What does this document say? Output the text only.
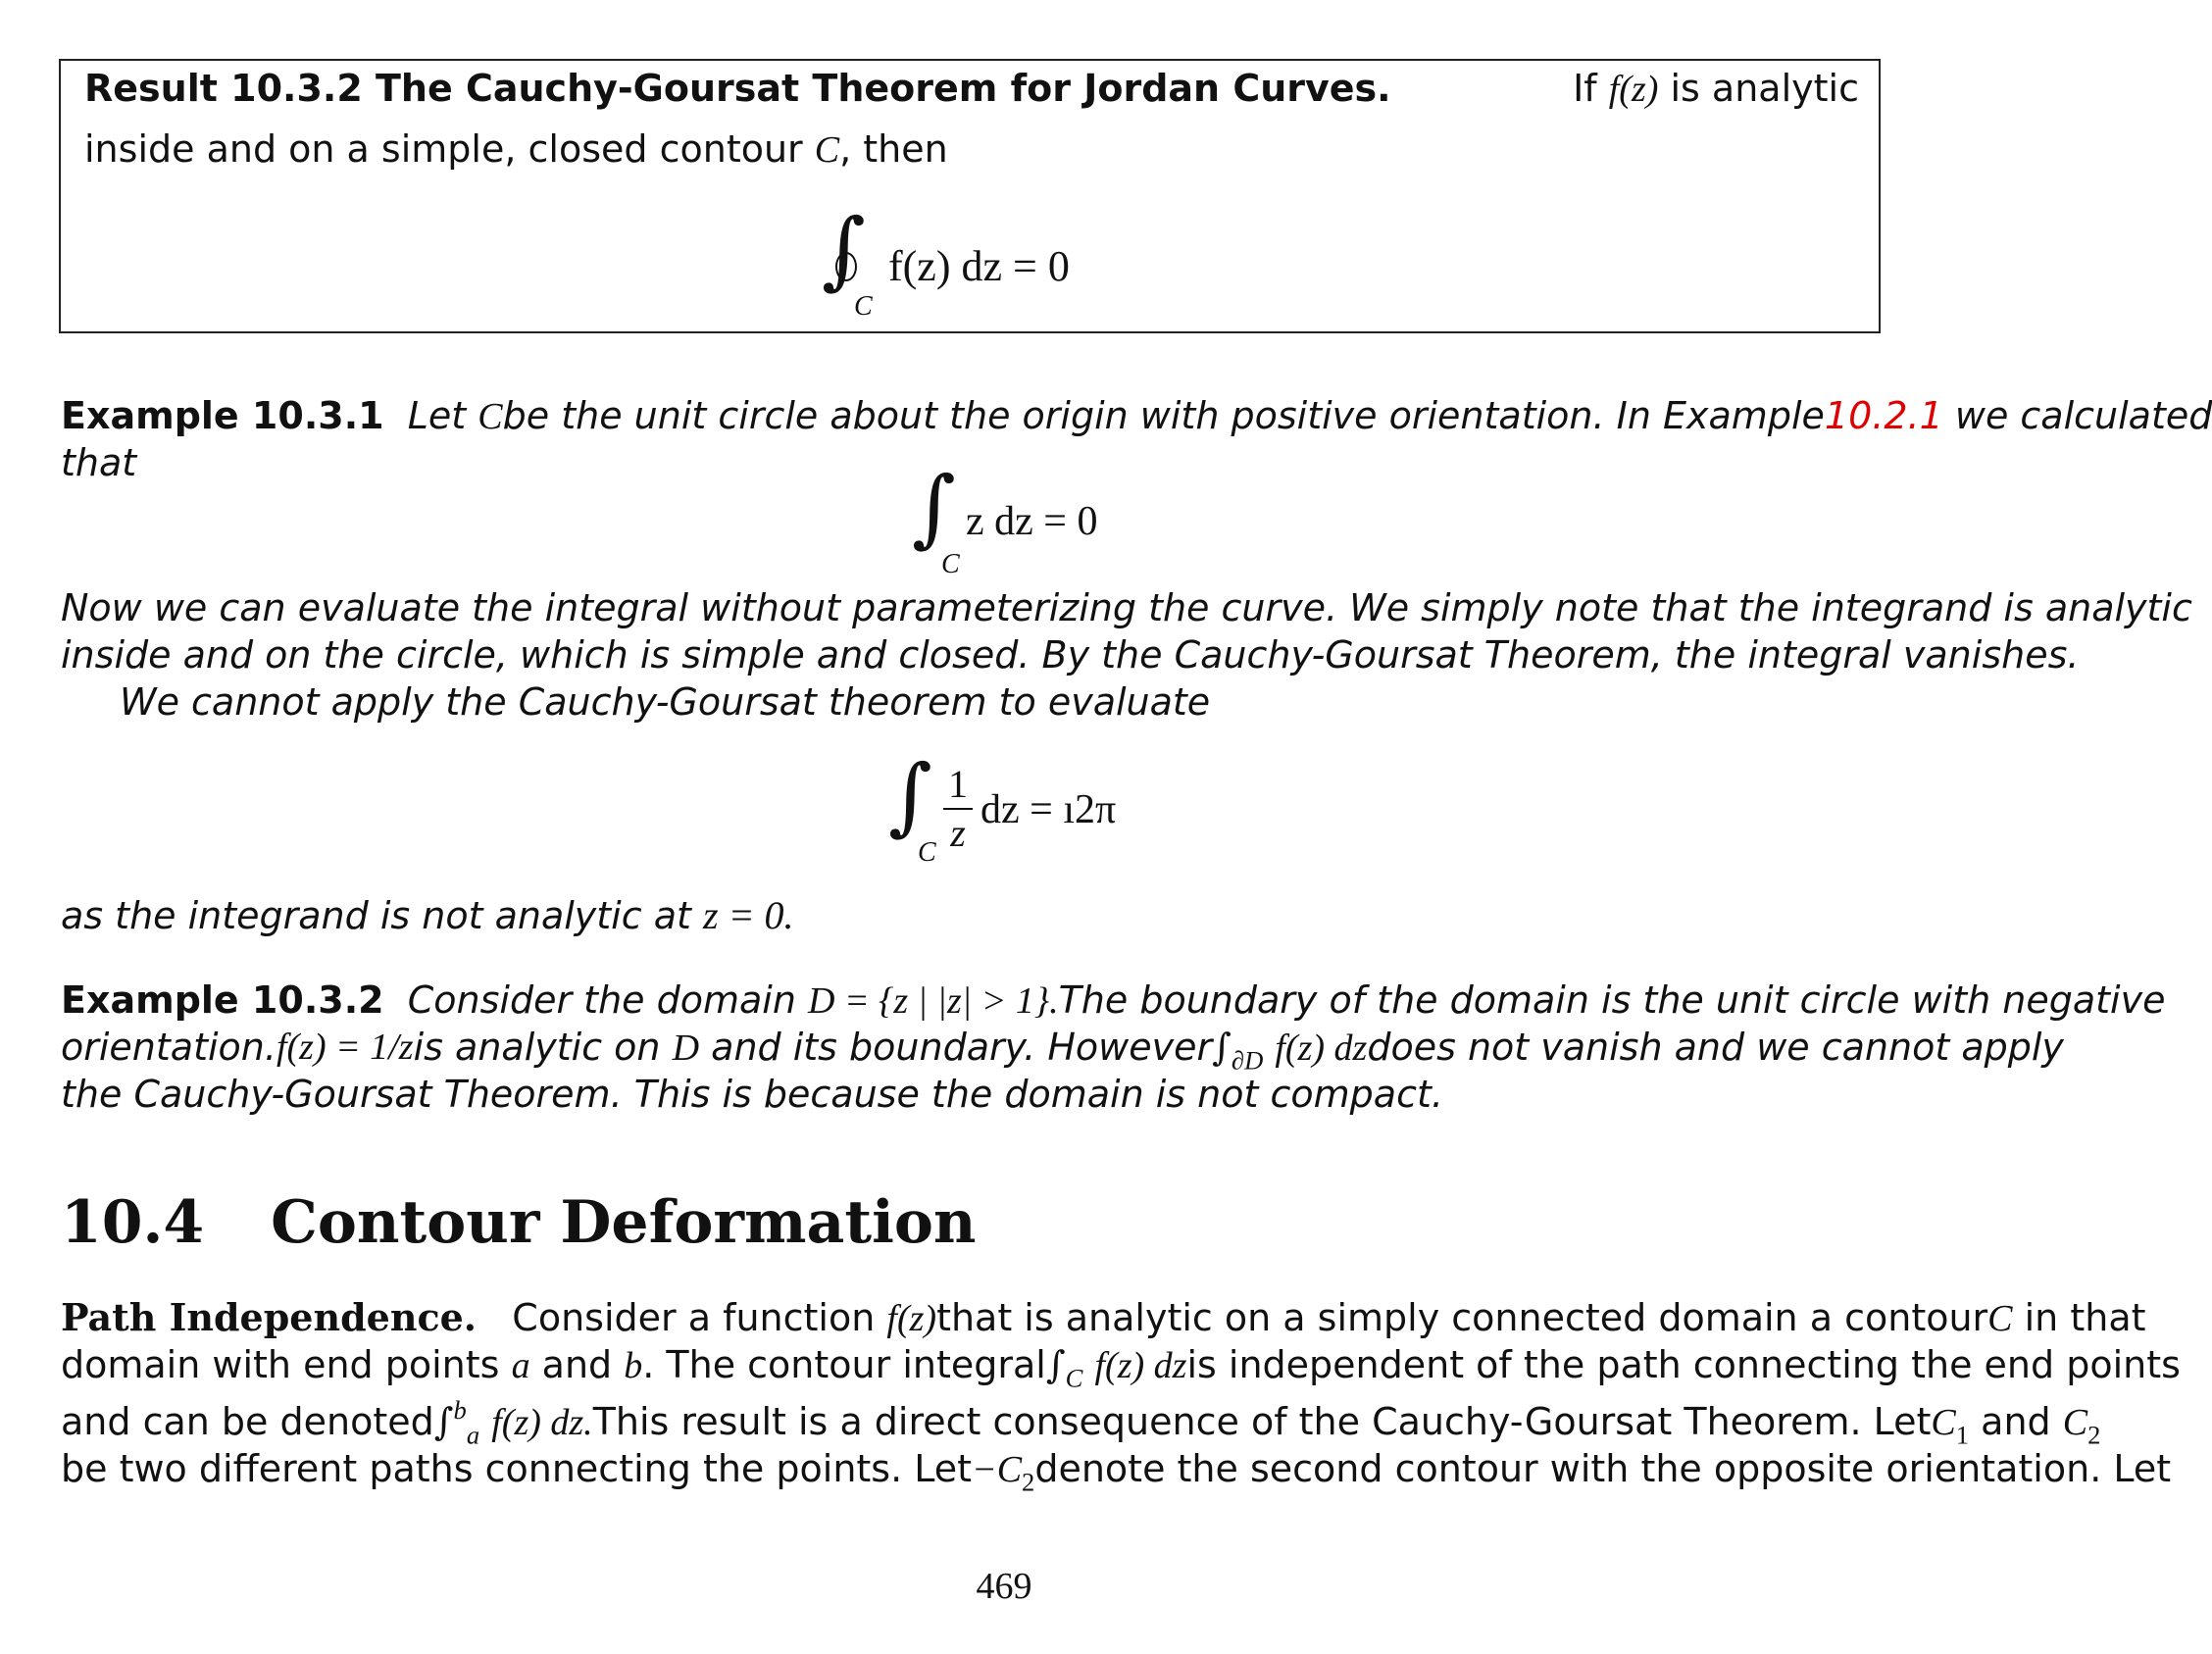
Result 10.3.2 The Cauchy-Goursat Theorem for Jordan Curves.	If f(z) is analytic
inside and on a simple, closed contour C, then
∫
C
f(z) dz = 0
Example 10.3.1 Let C be the unit circle about the origin with positive orientation. In Example 10.2.1 we calculated
that	∫
C
z dz = 0
Now we can evaluate the integral without parameterizing the curve. We simply note that the integrand is analytic
inside and on the circle, which is simple and closed. By the Cauchy-Goursat Theorem, the integral vanishes.
We cannot apply the Cauchy-Goursat theorem to evaluate
∫
C
1
z
dz = ı2π
as the integrand is not analytic at z = 0.
Example 10.3.2 Consider the domain D = {z | |z| > 1}. The boundary of the domain is the unit circle with negative
orientation. f(z) = 1/z is analytic on D and its boundary. However $\int_{\partial D}$ f(z) dz does not vanish and we cannot apply
the Cauchy-Goursat Theorem. This is because the domain is not compact.
10.4 Contour Deformation
Path Independence. Consider a function f(z) that is analytic on a simply connected domain a contour C in that
domain with end points a and b. The contour integral $\int_C$ f(z) dz is independent of the path connecting the end points
and can be denoted ∫$^b_a$ f(z) dz. This result is a direct consequence of the Cauchy-Goursat Theorem. Let $C_1$ and $C_2$
be two different paths connecting the points. Let $-C_2$ denote the second contour with the opposite orientation. Let
469
